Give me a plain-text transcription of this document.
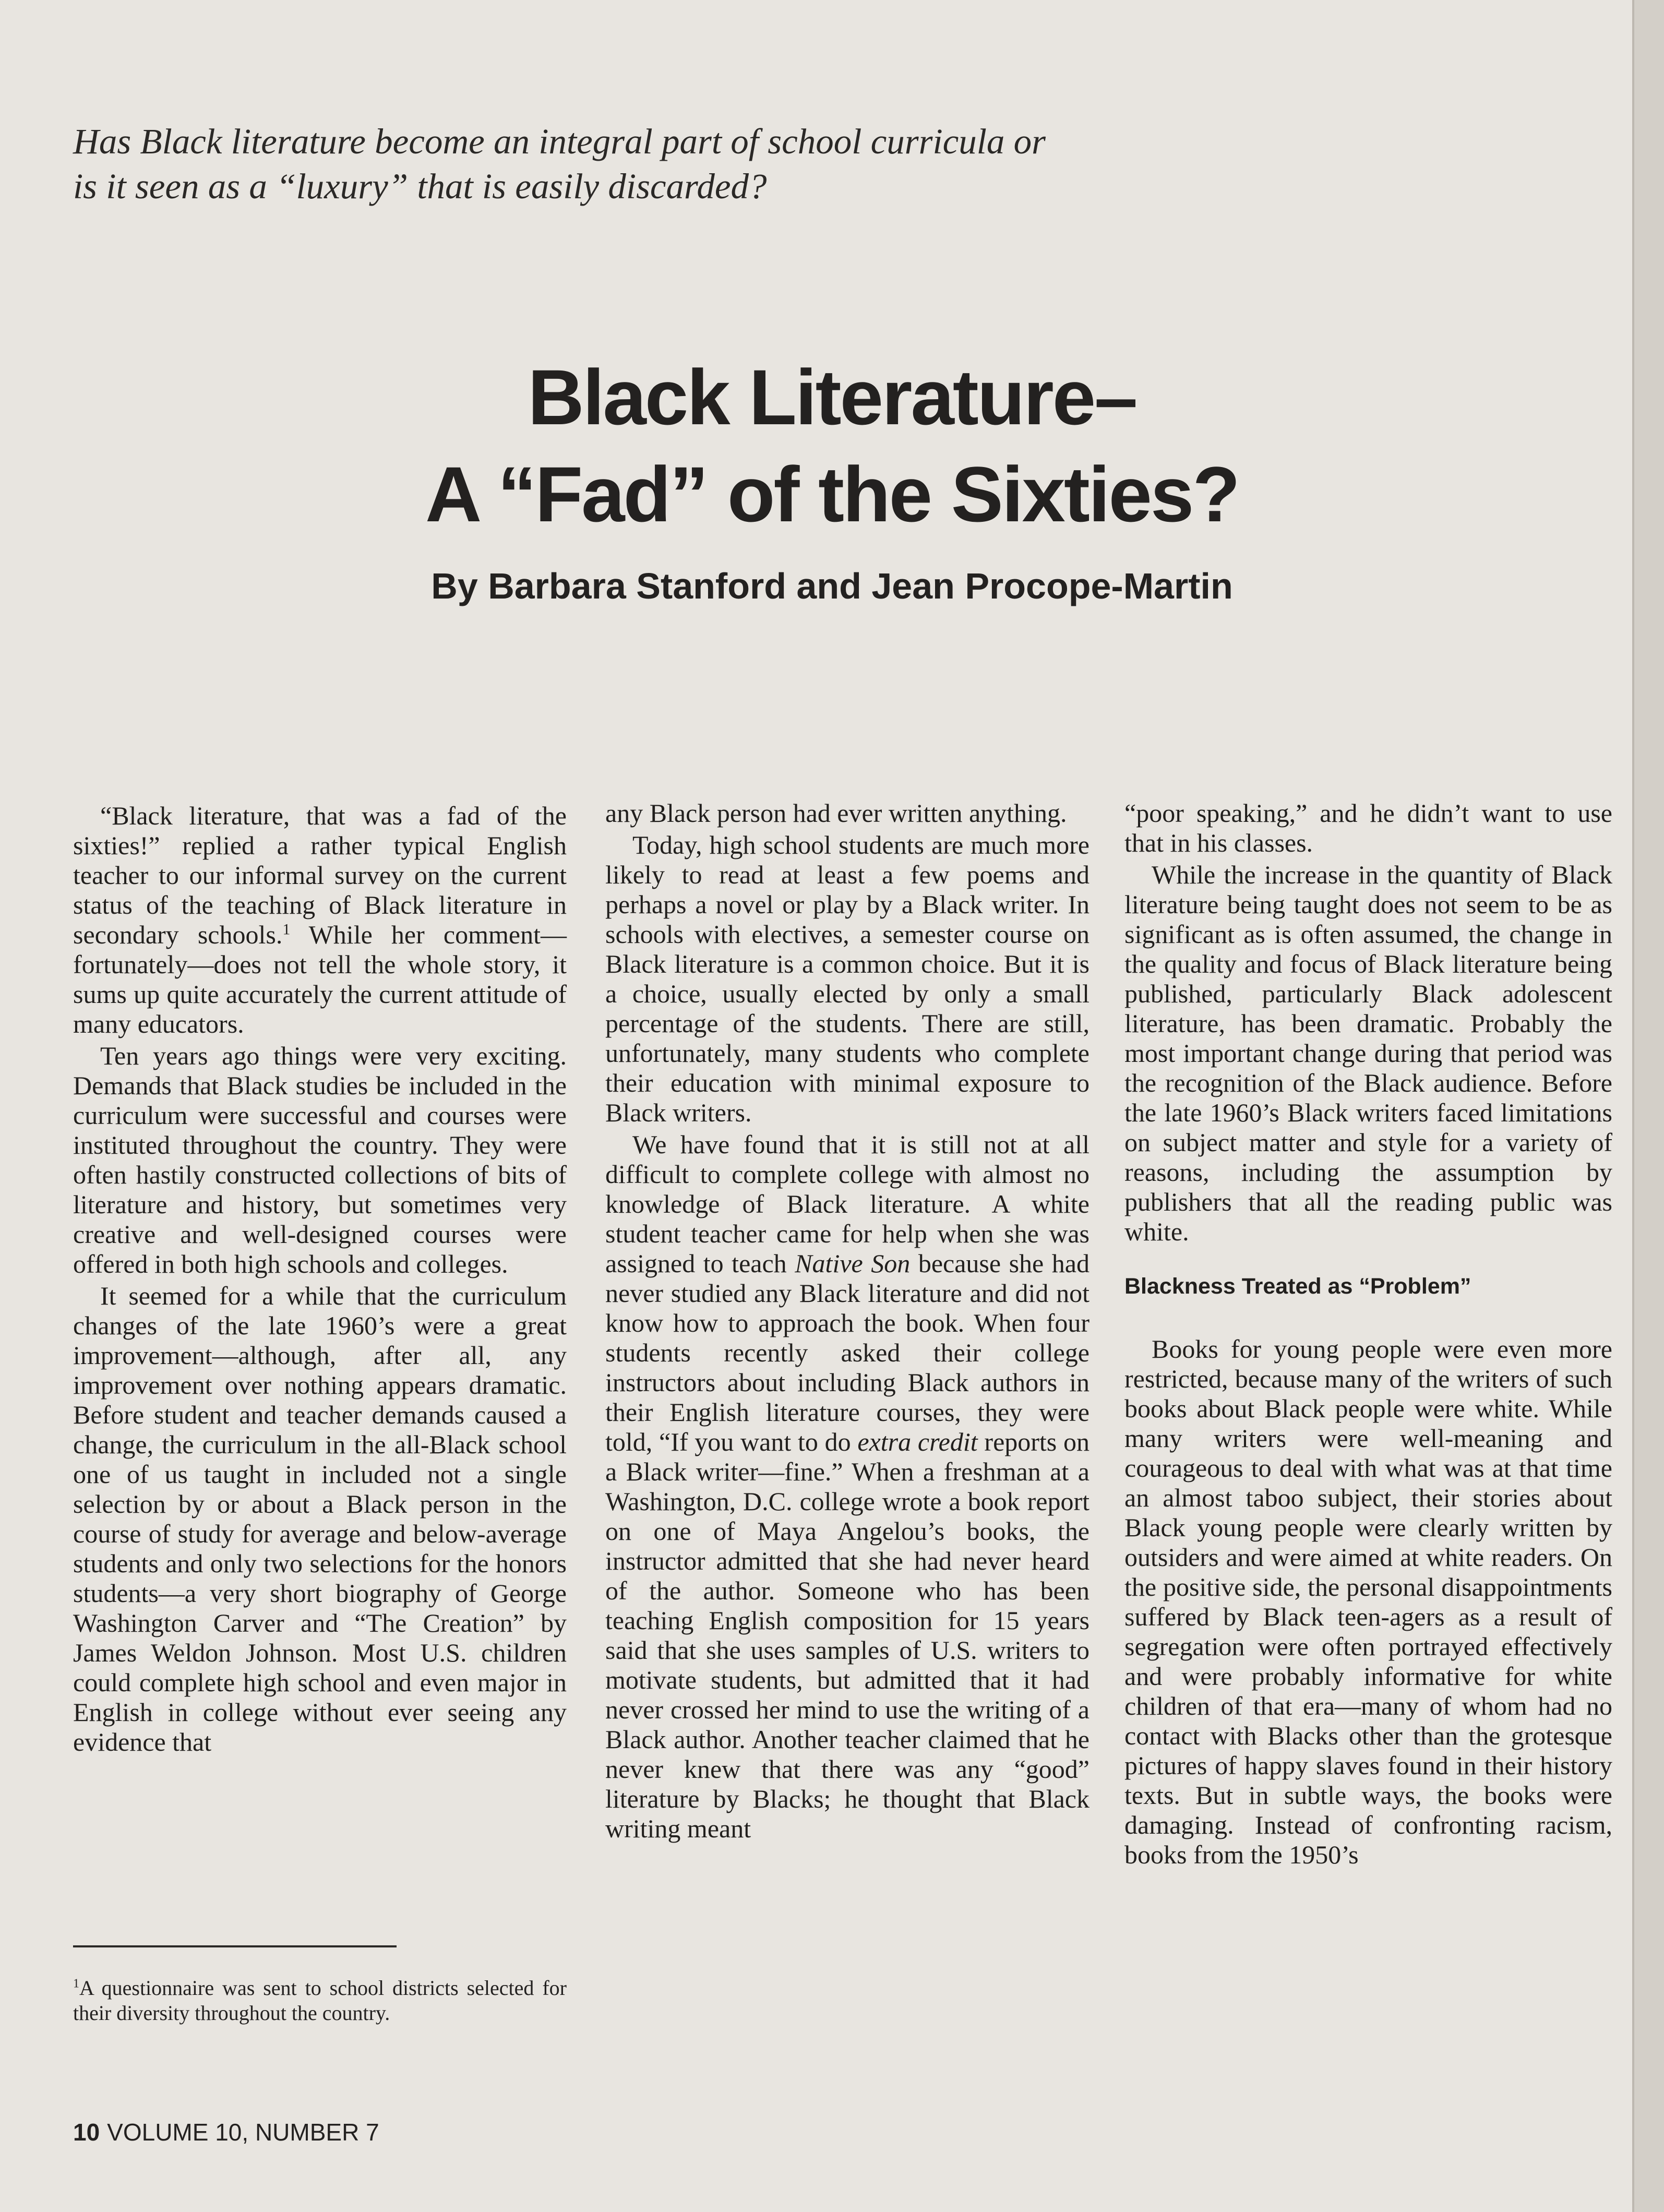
Has Black literature become an integral part of school curricula or is it seen as a “luxury” that is easily discarded?

Black Literature–
A “Fad” of the Sixties?

By Barbara Stanford and Jean Procope-Martin

“Black literature, that was a fad of the sixties!” replied a rather typical English teacher to our informal survey on the current status of the teaching of Black literature in secondary schools.$^1$ While her comment—fortunately—does not tell the whole story, it sums up quite accurately the current attitude of many educators.

Ten years ago things were very exciting. Demands that Black studies be included in the curriculum were successful and courses were instituted throughout the country. They were often hastily constructed collections of bits of literature and history, but sometimes very creative and well-designed courses were offered in both high schools and colleges.

It seemed for a while that the curriculum changes of the late 1960’s were a great improvement—although, after all, any improvement over nothing appears dramatic. Before student and teacher demands caused a change, the curriculum in the all-Black school one of us taught in included not a single selection by or about a Black person in the course of study for average and below-average students and only two selections for the honors students—a very short biography of George Washington Carver and “The Creation” by James Weldon Johnson. Most U.S. children could complete high school and even major in English in college without ever seeing any evidence that

any Black person had ever written anything.

Today, high school students are much more likely to read at least a few poems and perhaps a novel or play by a Black writer. In schools with electives, a semester course on Black literature is a common choice. But it is a choice, usually elected by only a small percentage of the students. There are still, unfortunately, many students who complete their education with minimal exposure to Black writers.

We have found that it is still not at all difficult to complete college with almost no knowledge of Black literature. A white student teacher came for help when she was assigned to teach Native Son because she had never studied any Black literature and did not know how to approach the book. When four students recently asked their college instructors about including Black authors in their English literature courses, they were told, “If you want to do extra credit reports on a Black writer—fine.” When a freshman at a Washington, D.C. college wrote a book report on one of Maya Angelou’s books, the instructor admitted that she had never heard of the author. Someone who has been teaching English composition for 15 years said that she uses samples of U.S. writers to motivate students, but admitted that it had never crossed her mind to use the writing of a Black author. Another teacher claimed that he never knew that there was any “good” literature by Blacks; he thought that Black writing meant

“poor speaking,” and he didn’t want to use that in his classes.

While the increase in the quantity of Black literature being taught does not seem to be as significant as is often assumed, the change in the quality and focus of Black literature being published, particularly Black adolescent literature, has been dramatic. Probably the most important change during that period was the recognition of the Black audience. Before the late 1960’s Black writers faced limitations on subject matter and style for a variety of reasons, including the assumption by publishers that all the reading public was white.

Blackness Treated as “Problem”

Books for young people were even more restricted, because many of the writers of such books about Black people were white. While many writers were well-meaning and courageous to deal with what was at that time an almost taboo subject, their stories about Black young people were clearly written by outsiders and were aimed at white readers. On the positive side, the personal disappointments suffered by Black teen-agers as a result of segregation were often portrayed effectively and were probably informative for white children of that era—many of whom had no contact with Blacks other than the grotesque pictures of happy slaves found in their history texts. But in subtle ways, the books were damaging. Instead of confronting racism, books from the 1950’s

$^1$A questionnaire was sent to school districts selected for their diversity throughout the country.

10 VOLUME 10, NUMBER 7
